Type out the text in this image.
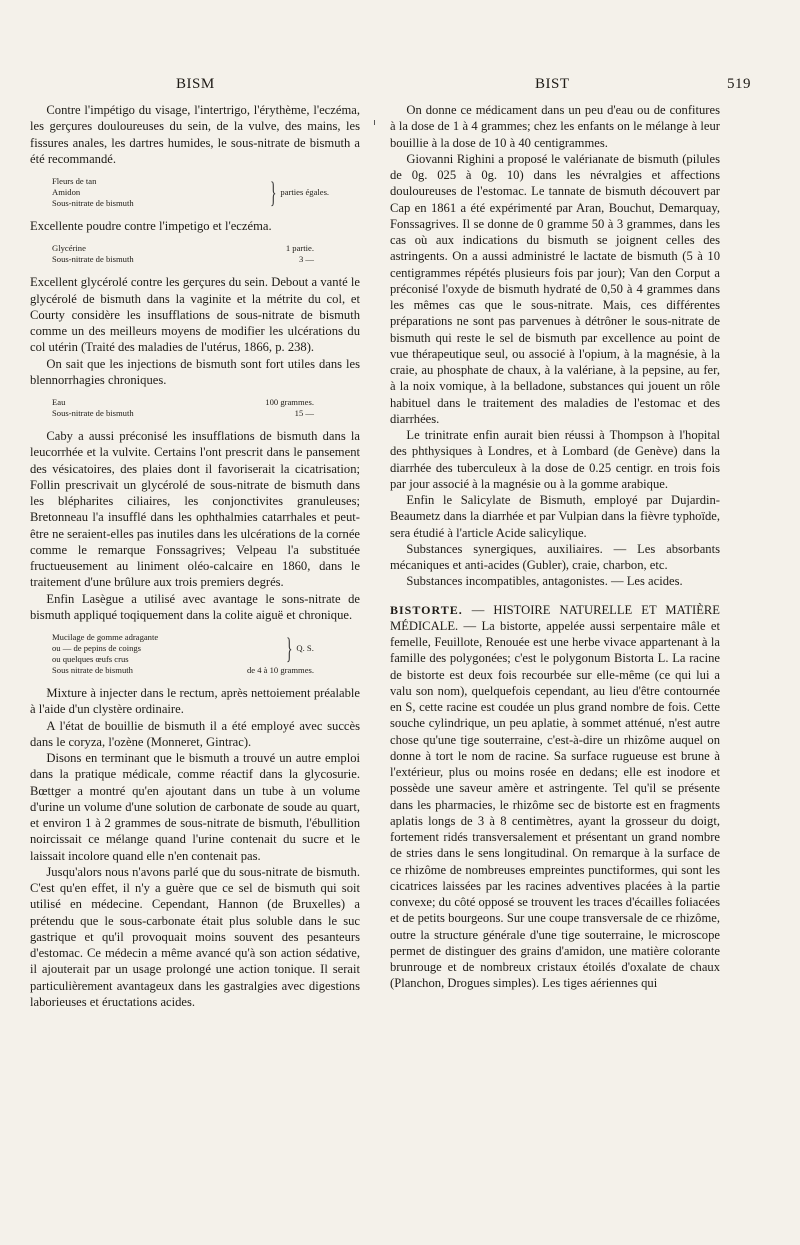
BISM	BIST	519

Contre l'impétigo du visage, l'intertrigo, l'érythème, l'eczéma, les gerçures douloureuses du sein, de la vulve, des mains, les fissures anales, les dartres humides, le sous-nitrate de bismuth a été recommandé.

Fleurs de tan
Amidon
Sous-nitrate de bismuth	} parties égales.

Excellente poudre contre l'impetigo et l'eczéma.

Glycérine	1 partie.
Sous-nitrate de bismuth	3 —

Excellent glycérolé contre les gerçures du sein. Debout a vanté le glycérolé de bismuth dans la vaginite et la métrite du col, et Courty considère les insufflations de sous-nitrate de bismuth comme un des meilleurs moyens de modifier les ulcérations du col utérin (Traité des maladies de l'utérus, 1866, p. 238).

On sait que les injections de bismuth sont fort utiles dans les blennorrhagies chroniques.

Eau	100 grammes.
Sous-nitrate de bismuth	15 —

Caby a aussi préconisé les insufflations de bismuth dans la leucorrhée et la vulvite. Certains l'ont prescrit dans le pansement des vésicatoires, des plaies dont il favoriserait la cicatrisation; Follin prescrivait un glycérolé de sous-nitrate de bismuth dans les blépharites ciliaires, les conjonctivites granuleuses; Bretonneau l'a insufflé dans les ophthalmies catarrhales et peut-être ne seraient-elles pas inutiles dans les ulcérations de la cornée comme le remarque Fonssagrives; Velpeau l'a substituée fructueusement au liniment oléo-calcaire en 1860, dans le traitement d'une brûlure aux trois premiers degrés.

Enfin Lasègue a utilisé avec avantage le sons-nitrate de bismuth appliqué toqiquement dans la colite aiguë et chronique.

Mucilage de gomme adragante
ou — de pepins de coings
ou quelques œufs crus	} Q. S.
Sous nitrate de bismuth	de 4 à 10 grammes.

Mixture à injecter dans le rectum, après nettoiement préalable à l'aide d'un clystère ordinaire.

A l'état de bouillie de bismuth il a été employé avec succès dans le coryza, l'ozène (Monneret, Gintrac).

Disons en terminant que le bismuth a trouvé un autre emploi dans la pratique médicale, comme réactif dans la glycosurie. Bœttger a montré qu'en ajoutant dans un tube à un volume d'urine un volume d'une solution de carbonate de soude au quart, et environ 1 à 2 grammes de sous-nitrate de bismuth, l'ébullition noircissait ce mélange quand l'urine contenait du sucre et le laissait incolore quand elle n'en contenait pas.

Jusqu'alors nous n'avons parlé que du sous-nitrate de bismuth. C'est qu'en effet, il n'y a guère que ce sel de bismuth qui soit utilisé en médecine. Cependant, Hannon (de Bruxelles) a prétendu que le sous-carbonate était plus soluble dans le suc gastrique et qu'il provoquait moins souvent des pesanteurs d'estomac. Ce médecin a même avancé qu'à son action sédative, il ajouterait par un usage prolongé une action tonique. Il serait particulièrement avantageux dans les gastralgies avec digestions laborieuses et éructations acides.

On donne ce médicament dans un peu d'eau ou de confitures à la dose de 1 à 4 grammes; chez les enfants on le mélange à leur bouillie à la dose de 10 à 40 centigrammes.

Giovanni Righini a proposé le valérianate de bismuth (pilules de 0g. 025 à 0g. 10) dans les névralgies et affections douloureuses de l'estomac. Le tannate de bismuth découvert par Cap en 1861 a été expérimenté par Aran, Bouchut, Demarquay, Fonssagrives. Il se donne de 0 gramme 50 à 3 grammes, dans les cas où aux indications du bismuth se joignent celles des astringents. On a aussi administré le lactate de bismuth (5 à 10 centigrammes répétés plusieurs fois par jour); Van den Corput a préconisé l'oxyde de bismuth hydraté de 0,50 à 4 grammes dans les mêmes cas que le sous-nitrate. Mais, ces différentes préparations ne sont pas parvenues à détrôner le sous-nitrate de bismuth qui reste le sel de bismuth par excellence au point de vue thérapeutique seul, ou associé à l'opium, à la magnésie, à la craie, au phosphate de chaux, à la valériane, à la pepsine, au fer, à la noix vomique, à la belladone, substances qui jouent un rôle habituel dans le traitement des maladies de l'estomac et des diarrhées.

Le trinitrate enfin aurait bien réussi à Thompson à l'hopital des phthysiques à Londres, et à Lombard (de Genève) dans la diarrhée des tuberculeux à la dose de 0.25 centigr. en trois fois par jour associé à la magnésie ou à la gomme arabique.

Enfin le Salicylate de Bismuth, employé par Dujardin-Beaumetz dans la diarrhée et par Vulpian dans la fièvre typhoïde, sera étudié à l'article Acide salicylique.

Substances synergiques, auxiliaires. — Les absorbants mécaniques et anti-acides (Gubler), craie, charbon, etc.

Substances incompatibles, antagonistes. — Les acides.

BISTORTE. — HISTOIRE NATURELLE ET MATIÈRE MÉDICALE. — La bistorte, appelée aussi serpentaire mâle et femelle, Feuillote, Renouée est une herbe vivace appartenant à la famille des polygonées; c'est le polygonum Bistorta L. La racine de bistorte est deux fois recourbée sur elle-même (ce qui lui a valu son nom), quelquefois cependant, au lieu d'être contournée en S, cette racine est coudée un plus grand nombre de fois. Cette souche cylindrique, un peu aplatie, à sommet atténué, n'est autre chose qu'une tige souterraine, c'est-à-dire un rhizôme auquel on donne à tort le nom de racine. Sa surface rugueuse est brune à l'extérieur, plus ou moins rosée en dedans; elle est inodore et possède une saveur amère et astringente. Tel qu'il se présente dans les pharmacies, le rhizôme sec de bistorte est en fragments aplatis longs de 3 à 8 centimètres, ayant la grosseur du doigt, fortement ridés transversalement et présentant un grand nombre de stries dans le sens longitudinal. On remarque à la surface de ce rhizôme de nombreuses empreintes punctiformes, qui sont les cicatrices laissées par les racines adventives placées à la partie convexe; du côté opposé se trouvent les traces d'écailles foliacées et de petits bourgeons. Sur une coupe transversale de ce rhizôme, outre la structure générale d'une tige souterraine, le microscope permet de distinguer des grains d'amidon, une matière colorante brunrouge et de nombreux cristaux étoilés d'oxalate de chaux (Planchon, Drogues simples). Les tiges aériennes qui
